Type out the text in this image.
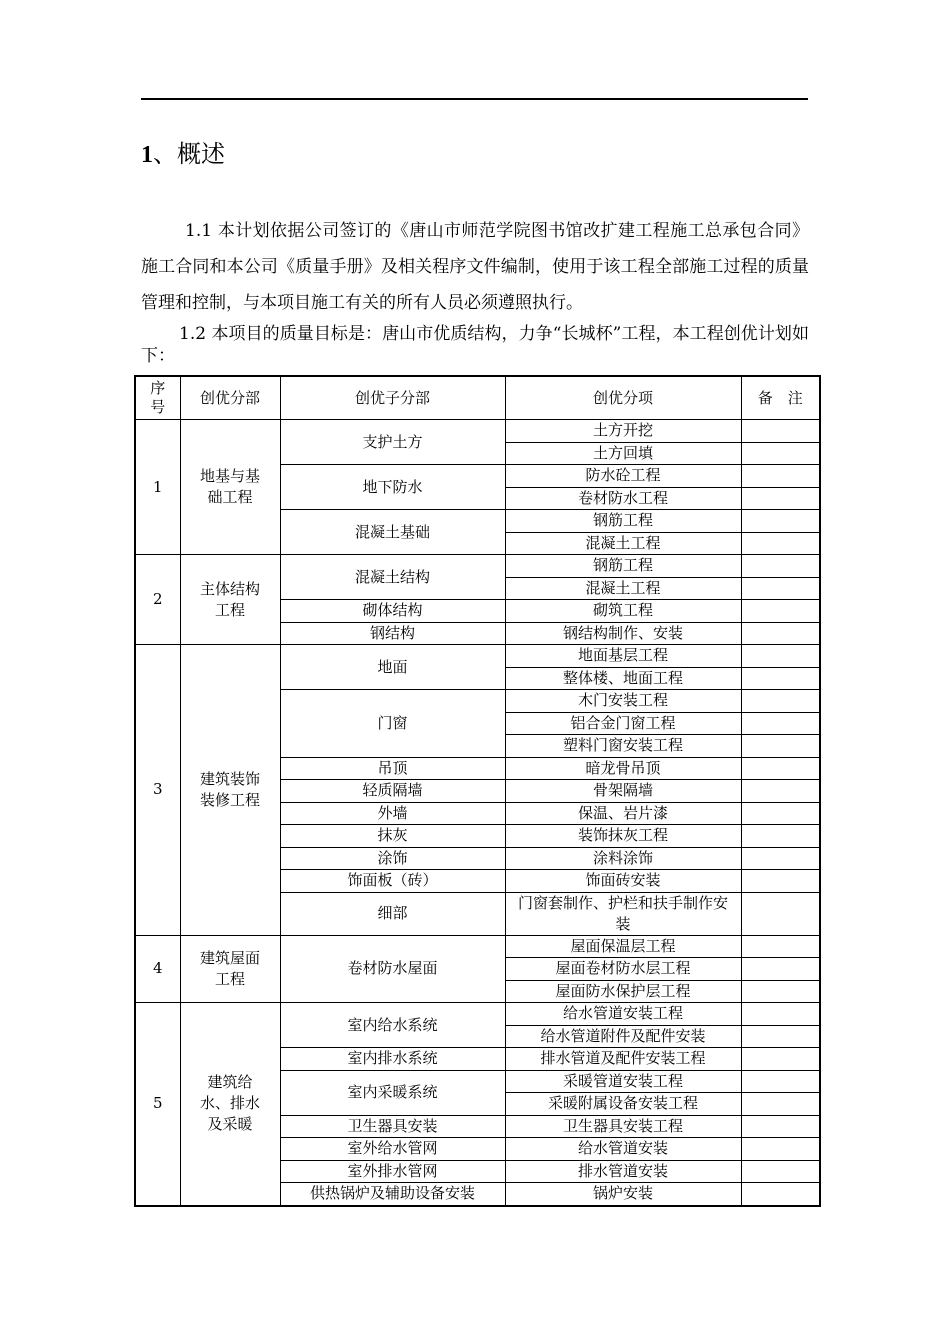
1、概述

1.1 本计划依据公司签订的《唐山市师范学院图书馆改扩建工程施工总承包合同》施工合同和本公司《质量手册》及相关程序文件编制，使用于该工程全部施工过程的质量管理和控制，与本项目施工有关的所有人员必须遵照执行。

1.2 本项目的质量目标是：唐山市优质结构，力争“长城杯”工程，本工程创优计划如下：

序号	创优分部	创优子分部	创优分项	备　注
1	地基与基础工程	支护土方	土方开挖	
			土方回填	
		地下防水	防水砼工程	
			卷材防水工程	
		混凝土基础	钢筋工程	
			混凝土工程	
2	主体结构工程	混凝土结构	钢筋工程	
			混凝土工程	
		砌体结构	砌筑工程	
		钢结构	钢结构制作、安装	
3	建筑装饰装修工程	地面	地面基层工程	
			整体楼、地面工程	
		门窗	木门安装工程	
			铝合金门窗工程	
			塑料门窗安装工程	
		吊顶	暗龙骨吊顶	
		轻质隔墙	骨架隔墙	
		外墙	保温、岩片漆	
		抹灰	装饰抹灰工程	
		涂饰	涂料涂饰	
		饰面板（砖）	饰面砖安装	
		细部	门窗套制作、护栏和扶手制作安装	
4	建筑屋面工程	卷材防水屋面	屋面保温层工程	
			屋面卷材防水层工程	
			屋面防水保护层工程	
5	建筑给水、排水及采暖	室内给水系统	给水管道安装工程	
			给水管道附件及配件安装	
		室内排水系统	排水管道及配件安装工程	
		室内采暖系统	采暖管道安装工程	
			采暖附属设备安装工程	
		卫生器具安装	卫生器具安装工程	
		室外给水管网	给水管道安装	
		室外排水管网	排水管道安装	
		供热锅炉及辅助设备安装	锅炉安装	
